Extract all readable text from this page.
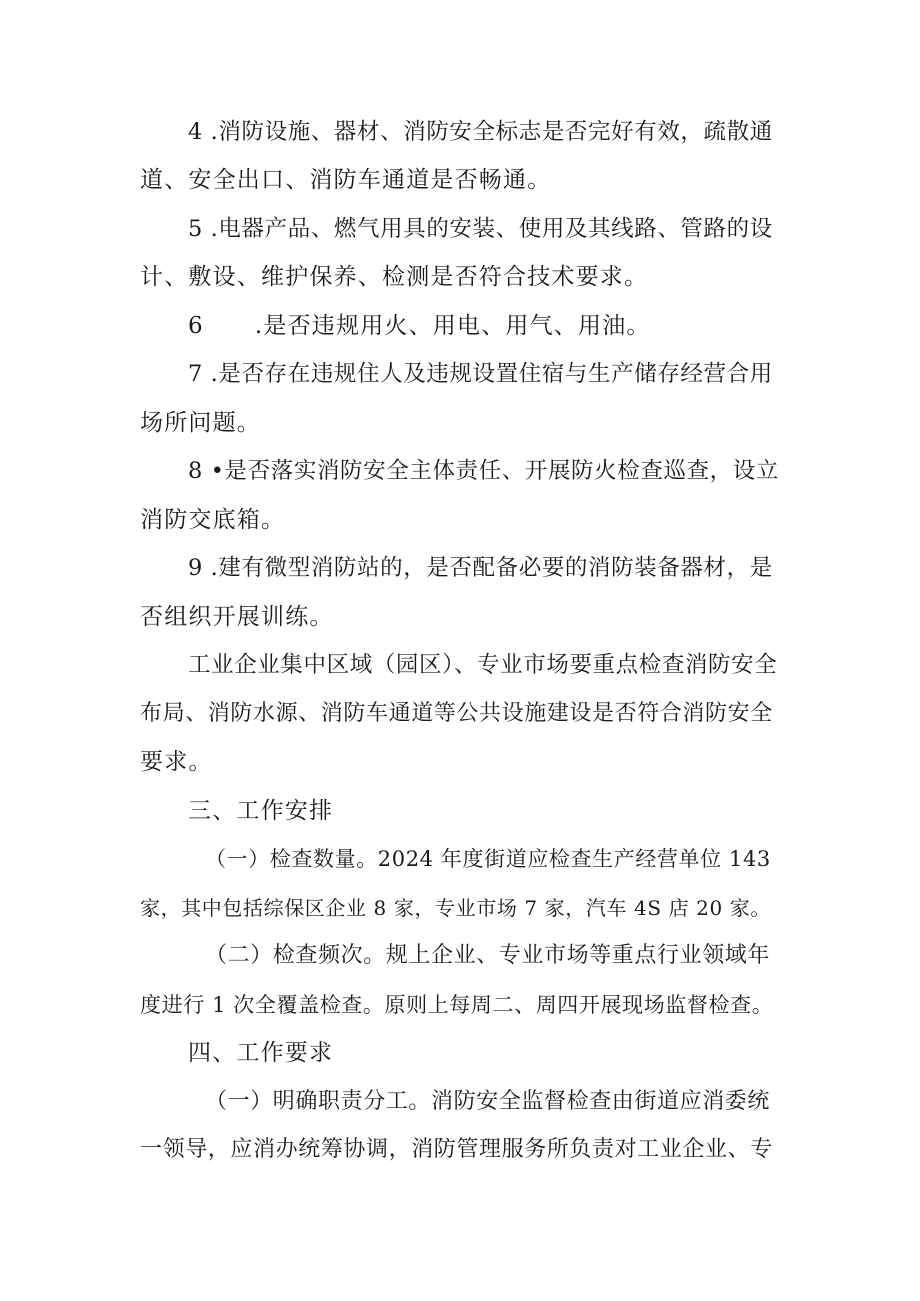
4 .消防设施、器材、消防安全标志是否完好有效，疏散通
道、安全出口、消防车通道是否畅通。
5 .电器产品、燃气用具的安装、使用及其线路、管路的设
计、敷设、维护保养、检测是否符合技术要求。
6      .是否违规用火、用电、用气、用油。
7 .是否存在违规住人及违规设置住宿与生产储存经营合用
场所问题。
8 •是否落实消防安全主体责任、开展防火检查巡查，设立
消防交底箱。
9 .建有微型消防站的，是否配备必要的消防装备器材，是
否组织开展训练。
工业企业集中区域（园区）、专业市场要重点检查消防安全
布局、消防水源、消防车通道等公共设施建设是否符合消防安全
要求。
三、工作安排
（一）检查数量。2024 年度街道应检查生产经营单位 143
家，其中包括综保区企业 8 家，专业市场 7 家，汽车 4S 店 20 家。
（二）检查频次。规上企业、专业市场等重点行业领域年
度进行 1 次全覆盖检查。原则上每周二、周四开展现场监督检查。
四、工作要求
（一）明确职责分工。消防安全监督检查由街道应消委统
一领导，应消办统筹协调，消防管理服务所负责对工业企业、专
